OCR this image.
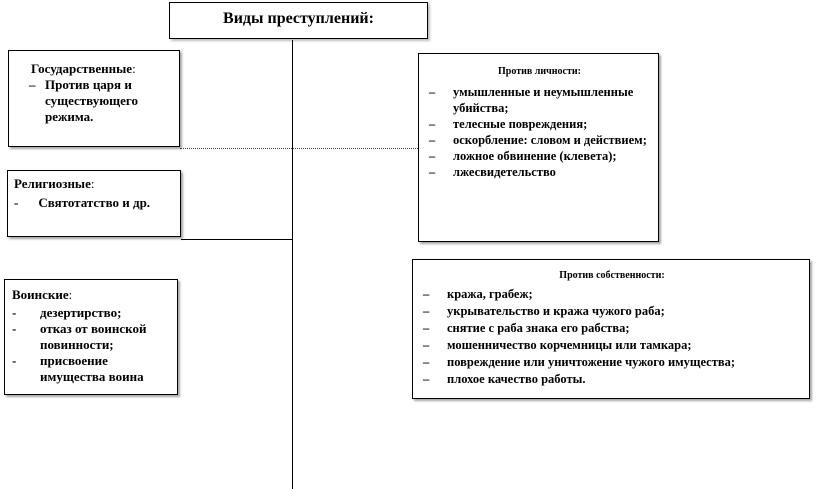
Виды преступлений:
Государственные:
– Против царя и существующего режима.
Религиозные:
- Святотатство и др.
Воинские:
- дезертирство;
- отказ от воинской повинности;
- присвоение имущества воина
Против личности:
– умышленные и неумышленные убийства;
– телесные повреждения;
– оскорбление: словом и действием;
– ложное обвинение (клевета);
– лжесвидетельство
Против собственности:
– кража, грабеж;
– укрывательство и кража чужого раба;
– снятие с раба знака его рабства;
– мошенничество корчемницы или тамкара;
– повреждение или уничтожение чужого имущества;
– плохое качество работы.
